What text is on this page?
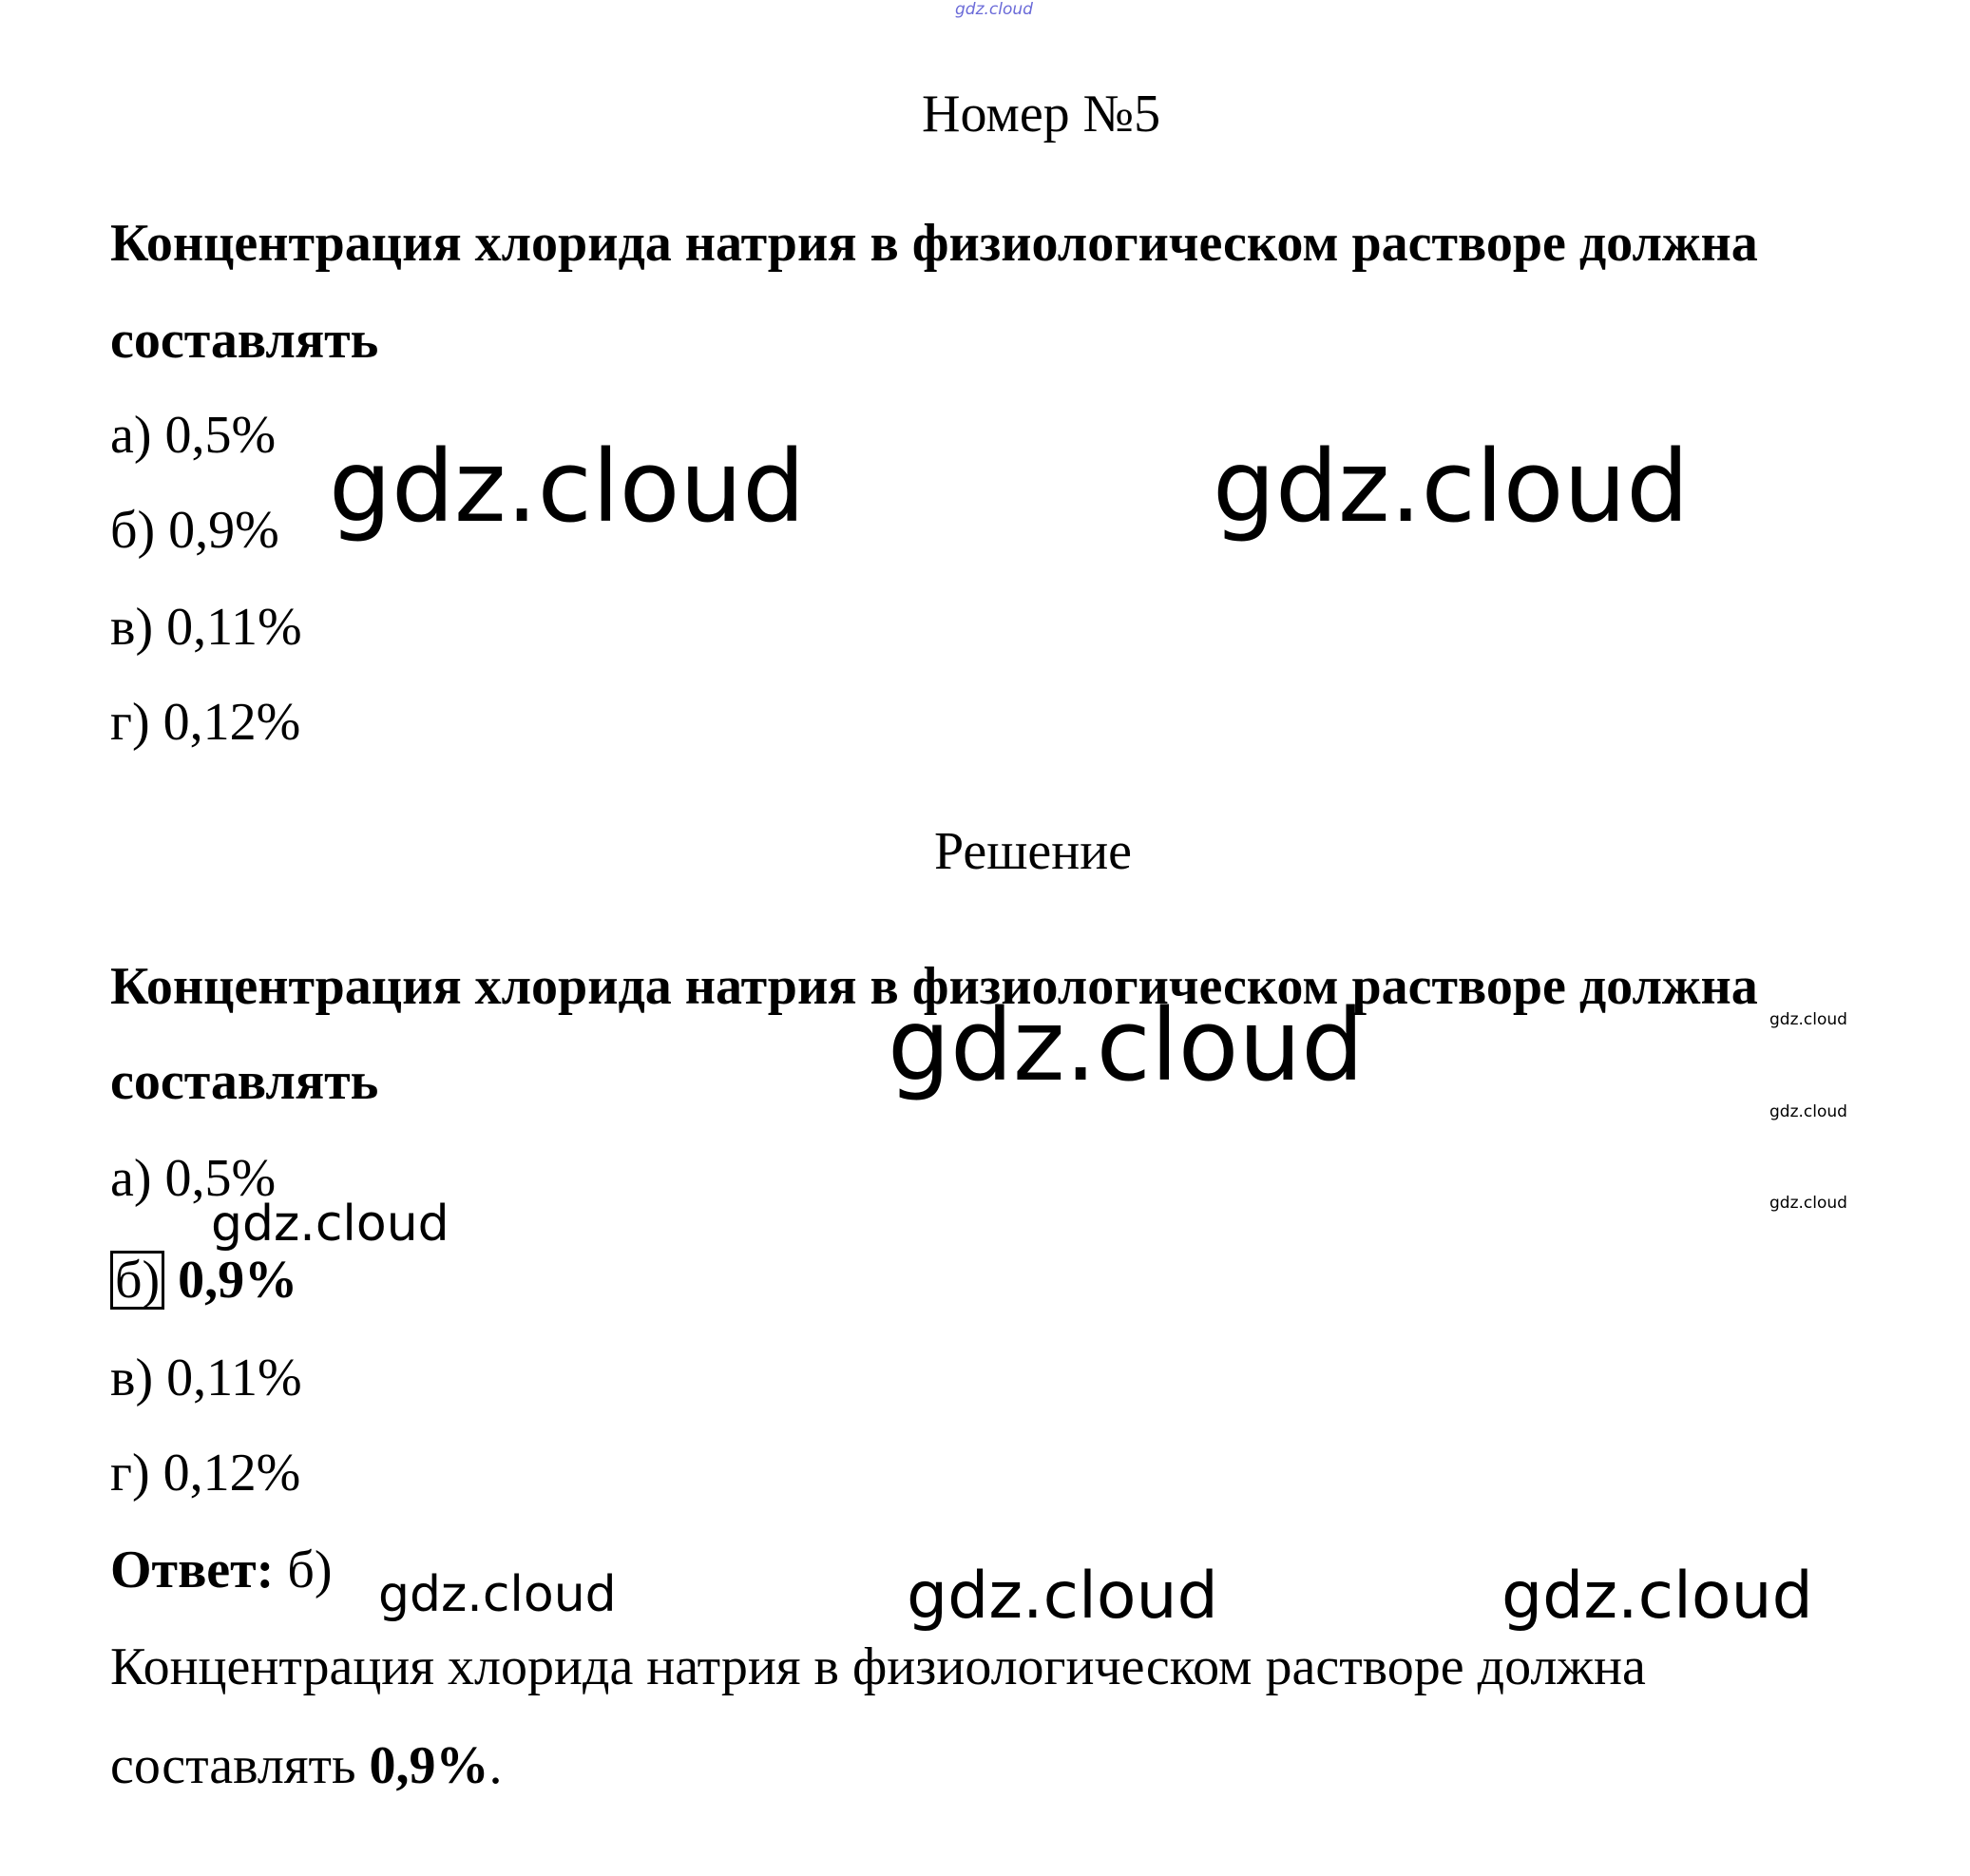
gdz.cloud
Номер №5
Концентрация хлорида натрия в физиологическом растворе должна
составлять
а) 0,5%
б) 0,9%
в) 0,11%
г) 0,12%
gdz.cloud	gdz.cloud
Решение
Концентрация хлорида натрия в физиологическом растворе должна
составлять	gdz.cloud	gdz.cloud
gdz.cloud
gdz.cloud
а) 0,5%
gdz.cloud
б) 0,9%
в) 0,11%
г) 0,12%
Ответ: б) gdz.cloud	gdz.cloud	gdz.cloud
Концентрация хлорида натрия в физиологическом растворе должна
составлять 0,9%.
